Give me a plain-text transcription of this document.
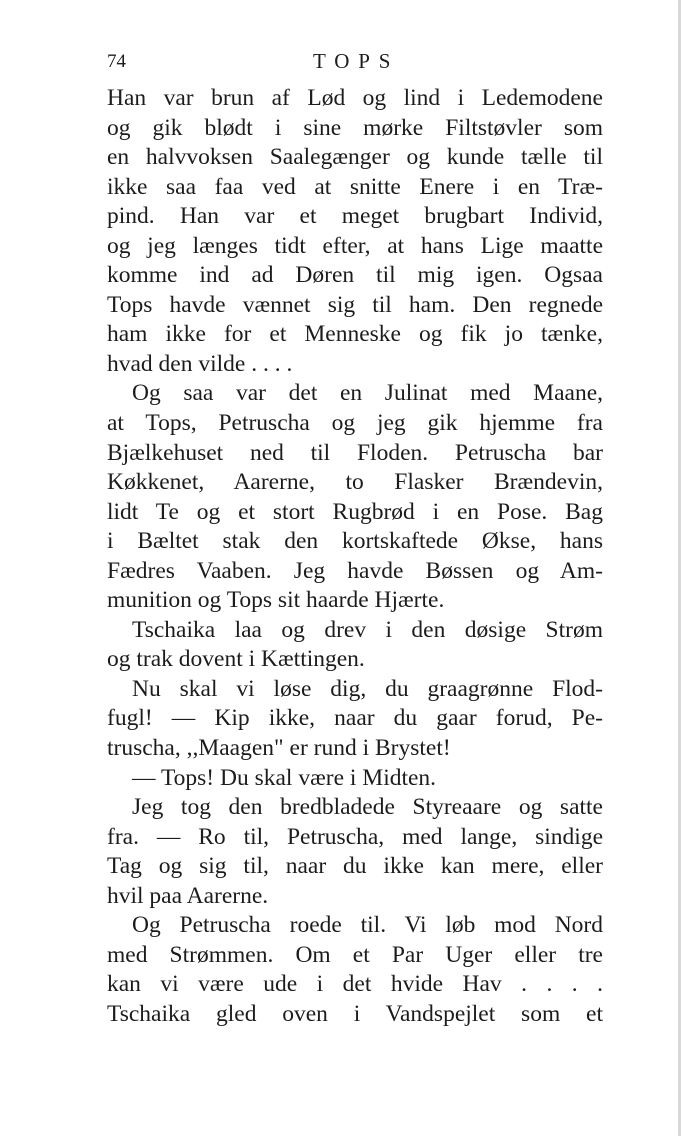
74	TOPS
Han var brun af Lød og lind i Ledemodene
og gik blødt i sine mørke Filtstøvler som
en halvvoksen Saalegænger og kunde tælle til
ikke saa faa ved at snitte Enere i en Træ-
pind. Han var et meget brugbart Individ,
og jeg længes tidt efter, at hans Lige maatte
komme ind ad Døren til mig igen. Ogsaa
Tops havde vænnet sig til ham. Den regnede
ham ikke for et Menneske og fik jo tænke,
hvad den vilde . . . .
Og saa var det en Julinat med Maane,
at Tops, Petruscha og jeg gik hjemme fra
Bjælkehuset ned til Floden. Petruscha bar
Køkkenet, Aarerne, to Flasker Brændevin,
lidt Te og et stort Rugbrød i en Pose. Bag
i Bæltet stak den kortskaftede Økse, hans
Fædres Vaaben. Jeg havde Bøssen og Am-
munition og Tops sit haarde Hjærte.
Tschaika laa og drev i den døsige Strøm
og trak dovent i Kættingen.
Nu skal vi løse dig, du graagrønne Flod-
fugl! — Kip ikke, naar du gaar forud, Pe-
truscha, ,,Maagen" er rund i Brystet!
— Tops! Du skal være i Midten.
Jeg tog den bredbladede Styreaare og satte
fra. — Ro til, Petruscha, med lange, sindige
Tag og sig til, naar du ikke kan mere, eller
hvil paa Aarerne.
Og Petruscha roede til. Vi løb mod Nord
med Strømmen. Om et Par Uger eller tre
kan vi være ude i det hvide Hav . . . .
Tschaika gled oven i Vandspejlet som et
